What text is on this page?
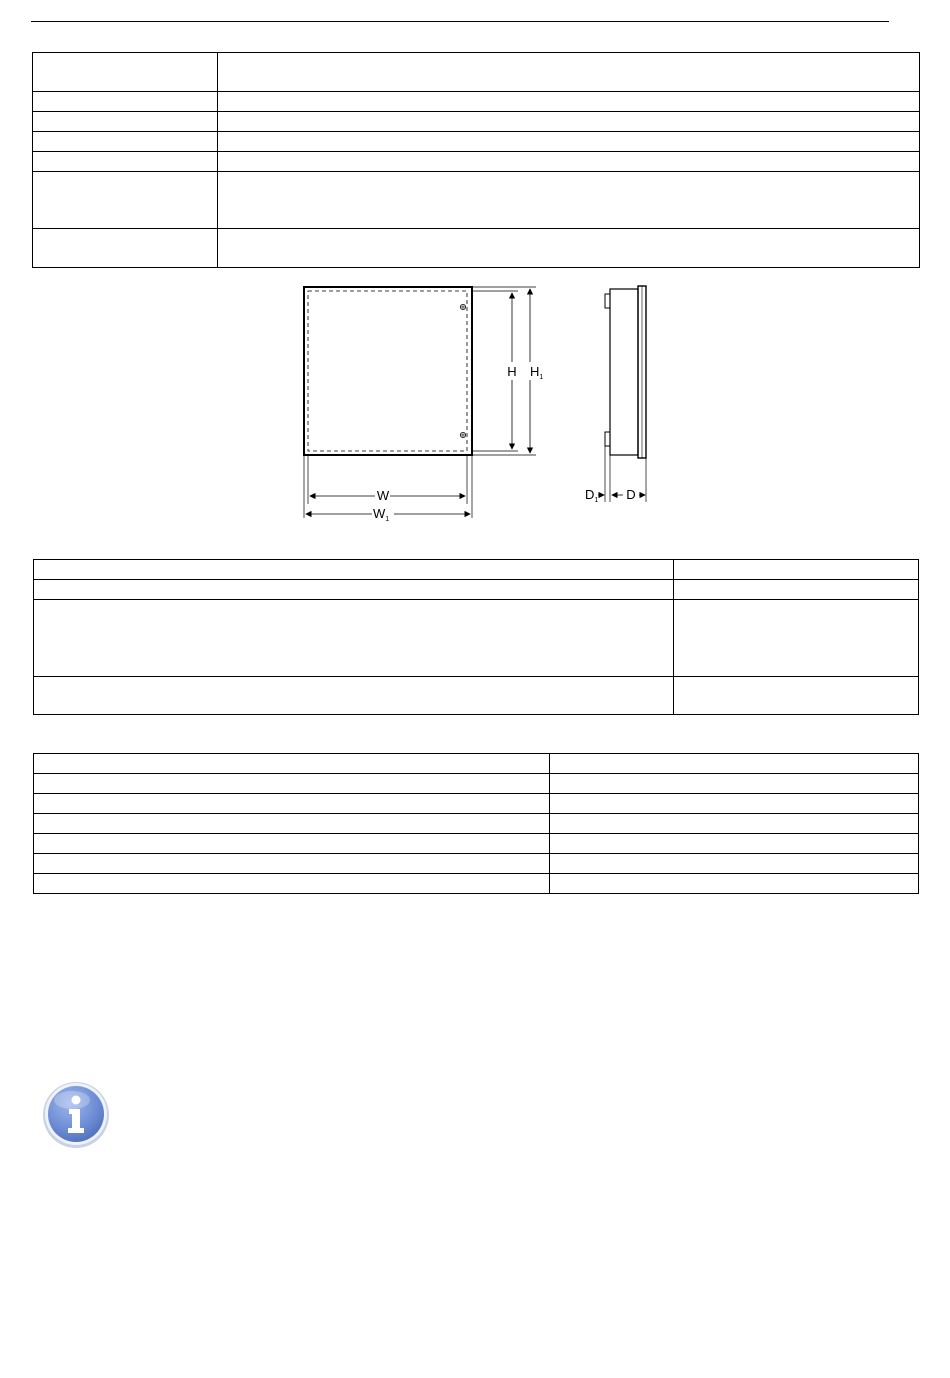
H $H_1$
W
$W_1$
$D_1$ D
